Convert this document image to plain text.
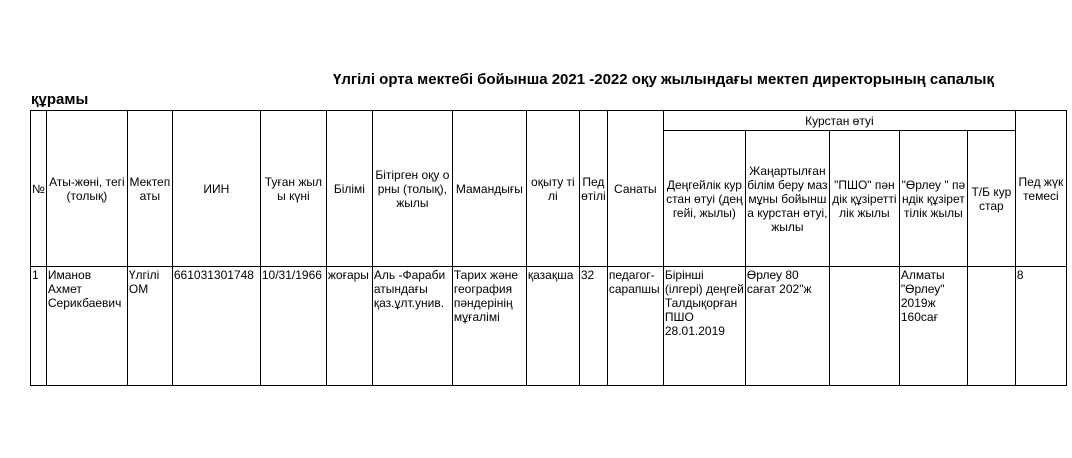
Үлгілі орта мектебі бойынша 2021 -2022 оқу жылындағы мектеп директорының сапалық
құрамы
№	Аты-жөні, тегі (толық)	Мектеп аты	ИИН	Туған жылы күні	Білімі	Бітірген оқу орны (толық), жылы	Мамандығы	оқыту тілі	Пед өтілі	Санаты	Курстан өтуі					Пед жүктемесі
											Деңгейлік курстан өтуі (деңгейі, жылы)	Жаңартылған білім беру мазмұны бойынша курстан өтуі, жылы	"ПШО" пәндік құзіреттілік жылы	"Өрлеу " пәндік құзіреттілік жылы	Т/Б курстар	
1	Иманов Ахмет Серикбаевич	Үлгілі ОМ	661031301748	10/31/1966	жоғары	Аль -Фараби атындағы қаз.ұлт.унив.	Тарих және география пәндерінің мұғалімі	қазақша	32	педагог-сарапшы	Бірінші (ілгері) деңгей Талдықорған ПШО 28.01.2019	Өрлеу 80 сағат 202"ж		Алматы "Өрлеу" 2019ж 160сағ		8
